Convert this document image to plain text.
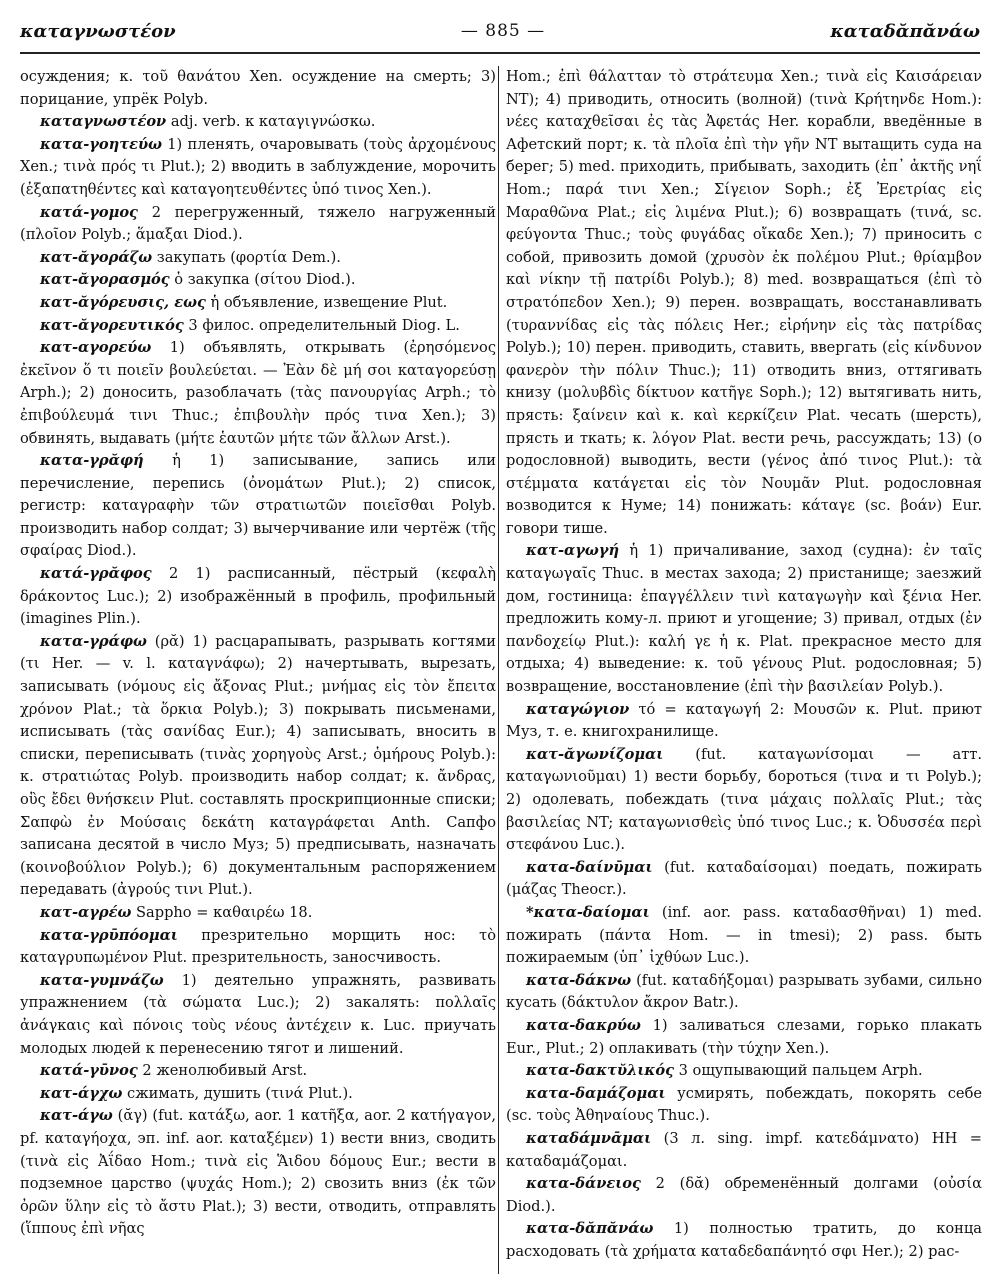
καταγνωστέον	— 885 —	καταδᾰπᾰνάω

осуждения; κ. τοῦ θανάτου Xen. осуждение на смерть; 3) порицание, упрёк Polyb.

καταγνωστέον adj. verb. к καταγιγνώσκω.

κατα-γοητεύω 1) пленять, очаровывать (τοὺς ἀρχομένους Xen.; τινὰ πρός τι Plut.); 2) вводить в заблуждение, морочить (ἐξαπατηθέντες καὶ καταγοητευθέντες ὑπό τινος Xen.).

κατά-γομος 2 перегруженный, тяжело нагруженный (πλοῖον Polyb.; ἅμαξαι Diod.).

κατ-ᾰγοράζω закупать (φορτία Dem.).

κατ-ᾰγορασμός ὁ закупка (σίτου Diod.).

κατ-ᾰγόρευσις, εως ἡ объявление, извещение Plut.

κατ-ᾰγορευτικός 3 филос. определительный Diog. L.

κατ-αγορεύω 1) объявлять, открывать (ἐρησόμενος ἐκεῖνον ὅ τι ποιεῖν βουλεύεται. — Ἐὰν δὲ μή σοι καταγορεύσῃ Arph.); 2) доносить, разоблачать (τὰς πανουργίας Arph.; τὸ ἐπιβούλευμά τινι Thuc.; ἐπιβουλὴν πρός τινα Xen.); 3) обвинять, выдавать (μήτε ἑαυτῶν μήτε τῶν ἄλλων Arst.).

κατα-γρᾰφή ἡ 1) записывание, запись или перечисление, перепись (ὀνομάτων Plut.); 2) список, регистр: καταγραφὴν τῶν στρατιωτῶν ποιεῖσθαι Polyb. производить набор солдат; 3) вычерчивание или чертёж (τῆς σφαίρας Diod.).

κατά-γρᾰφος 2 1) расписанный, пёстрый (κεφαλὴ δράκοντος Luc.); 2) изображённый в профиль, профильный (imagines Plin.).

κατα-γράφω (ρᾰ) 1) расцарапывать, разрывать когтями (τι Her. — v. l. καταγνάφω); 2) начертывать, вырезать, записывать (νόμους εἰς ἄξονας Plut.; μνήμας εἰς τὸν ἔπειτα χρόνον Plat.; τὰ ὅρκια Polyb.); 3) покрывать письменами, исписывать (τὰς σανίδας Eur.); 4) записывать, вносить в списки, переписывать (τινὰς χορηγοὺς Arst.; ὁμήρους Polyb.): κ. στρατιώτας Polyb. производить набор солдат; κ. ἄνδρας, οὓς ἔδει θνήσκειν Plut. составлять проскрипционные списки; Σαπφὼ ἐν Μούσαις δεκάτη καταγράφεται Anth. Сапфо записана десятой в число Муз; 5) предписывать, назначать (κοινοβούλιον Polyb.); 6) документальным распоряжением передавать (ἀγρούς τινι Plut.).

κατ-αγρέω Sappho = καθαιρέω 18.

κατα-γρῡπόομαι презрительно морщить нос: τὸ καταγρυπωμένον Plut. презрительность, заносчивость.

κατα-γυμνάζω 1) деятельно упражнять, развивать упражнением (τὰ σώματα Luc.); 2) закалять: πολλαῖς ἀνάγκαις καὶ πόνοις τοὺς νέους ἀντέχειν κ. Luc. приучать молодых людей к перенесению тягот и лишений.

κατά-γῡνος 2 женолюбивый Arst.

κατ-άγχω сжимать, душить (τινά Plut.).

κατ-άγω (ᾰγ) (fut. κατάξω, aor. 1 κατῆξα, aor. 2 κατήγαγον, pf. καταγήοχα, эп. inf. aor. καταξέμεν) 1) вести вниз, сводить (τινὰ εἰς Ἀΐδαο Hom.; τινὰ εἰς Ἅιδου δόμους Eur.; вести в подземное царство (ψυχάς Hom.); 2) свозить вниз (ἐκ τῶν ὀρῶν ὕλην εἰς τὸ ἄστυ Plat.); 3) вести, отводить, отправлять (ἵππους ἐπὶ νῆας

Hom.; ἐπὶ θάλατταν τὸ στράτευμα Xen.; τινὰ εἰς Καισάρειαν NT); 4) приводить, относить (волной) (τινὰ Κρήτηνδε Hom.): νέες καταχθεῖσαι ἐς τὰς Ἀφετάς Her. корабли, введённые в Афетский порт; κ. τὰ πλοῖα ἐπὶ τὴν γῆν NT вытащить суда на берег; 5) med. приходить, прибывать, заходить (ἐπ᾽ ἀκτῆς νηΐ Hom.; παρά τινι Xen.; Σίγειον Soph.; ἐξ Ἐρετρίας εἰς Μαραθῶνα Plat.; εἰς λιμένα Plut.); 6) возвращать (τινά, sc. φεύγοντα Thuc.; τοὺς φυγάδας οἴκαδε Xen.); 7) приносить с собой, привозить домой (χρυσὸν ἐκ πολέμου Plut.; θρίαμβον καὶ νίκην τῇ πατρίδι Polyb.); 8) med. возвращаться (ἐπὶ τὸ στρατόπεδον Xen.); 9) перен. возвращать, восстанавливать (τυραννίδας εἰς τὰς πόλεις Her.; εἰρήνην εἰς τὰς πατρίδας Polyb.); 10) перен. приводить, ставить, ввергать (εἰς κίνδυνον φανερὸν τὴν πόλιν Thuc.); 11) отводить вниз, оттягивать книзу (μολυβδὶς δίκτυον κατῆγε Soph.); 12) вытягивать нить, прясть: ξαίνειν καὶ κ. καὶ κερκίζειν Plat. чесать (шерсть), прясть и ткать; κ. λόγον Plat. вести речь, рассуждать; 13) (о родословной) выводить, вести (γένος ἀπό τινος Plut.): τὰ στέμματα κατάγεται εἰς τὸν Νουμᾶν Plut. родословная возводится к Нуме; 14) понижать: κάταγε (sc. βοάν) Eur. говори тише.

κατ-αγωγή ἡ 1) причаливание, заход (судна): ἐν ταῖς καταγωγαῖς Thuc. в местах захода; 2) пристанище; заезжий дом, гостиница: ἐπαγγέλλειν τινὶ καταγωγὴν καὶ ξένια Her. предложить кому-л. приют и угощение; 3) привал, отдых (ἐν πανδοχείῳ Plut.): καλή γε ἡ κ. Plat. прекрасное место для отдыха; 4) выведение: κ. τοῦ γένους Plut. родословная; 5) возвращение, восстановление (ἐπὶ τὴν βασιλείαν Polyb.).

καταγώγιον τό = καταγωγή 2: Μουσῶν κ. Plut. приют Муз, т. е. книгохранилище.

κατ-ᾰγωνίζομαι (fut. καταγωνίσομαι — атт. καταγωνιοῦμαι) 1) вести борьбу, бороться (τινα и τι Polyb.); 2) одолевать, побеждать (τινα μάχαις πολλαῖς Plut.; τὰς βασιλείας NT; καταγωνισθεὶς ὑπό τινος Luc.; κ. Ὀδυσσέα περὶ στεφάνου Luc.).

κατα-δαίνῡμαι (fut. καταδαίσομαι) поедать, пожирать (μάζας Theocr.).

*κατα-δαίομαι (inf. aor. pass. καταδασθῆναι) 1) med. пожирать (πάντα Hom. — in tmesi); 2) pass. быть пожираемым (ὑπ᾽ ἰχθύων Luc.).

κατα-δάκνω (fut. καταδήξομαι) разрывать зубами, сильно кусать (δάκτυλον ἄκρον Batr.).

κατα-δακρύω 1) заливаться слезами, горько плакать Eur., Plut.; 2) оплакивать (τὴν τύχην Xen.).

κατα-δακτῠλικός 3 ощупывающий пальцем Arph.

κατα-δαμάζομαι усмирять, побеждать, покорять себе (sc. τοὺς Ἀθηναίους Thuc.).

καταδάμνᾱμαι (3 л. sing. impf. κατεδάμνατο) HH = καταδαμάζομαι.

κατα-δάνειος 2 (δᾰ) обременённый долгами (οὐσία Diod.).

κατα-δᾰπᾰνάω 1) полностью тратить, до конца расходовать (τὰ χρήματα καταδεδαπάνητό σφι Her.); 2) рас-
